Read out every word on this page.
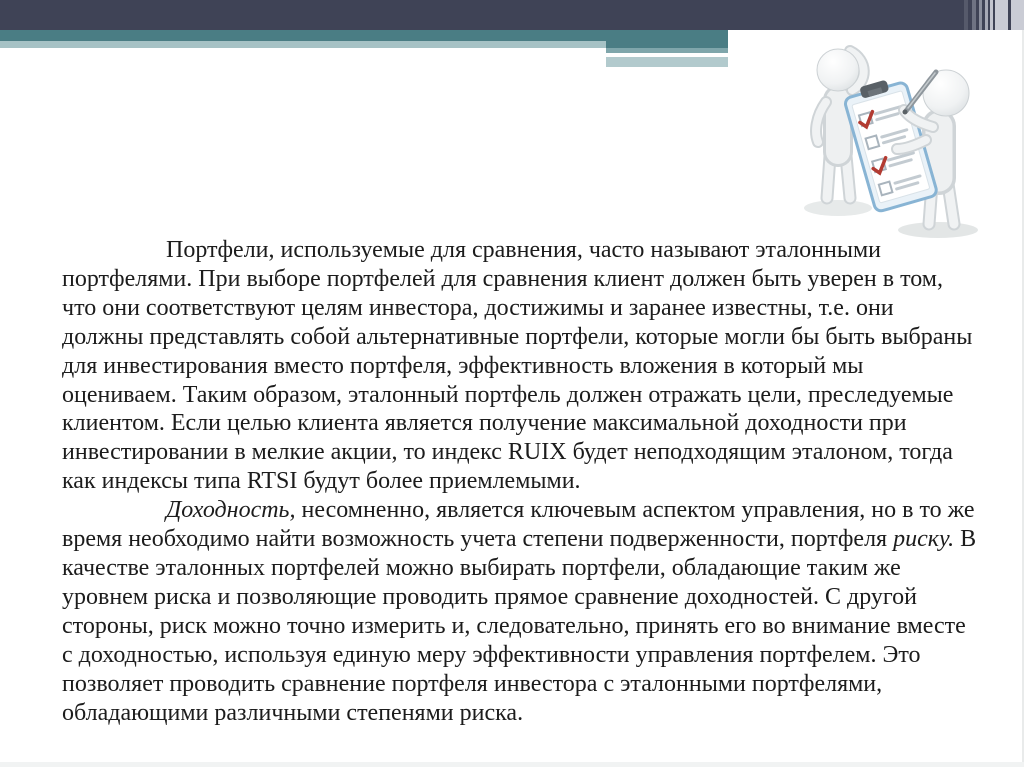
Портфели, используемые для сравнения, часто называют эталонными портфелями. При выборе портфелей для сравнения клиент должен быть уверен в том, что они соответствуют целям инвестора, достижимы и заранее известны, т.е. они должны представлять собой альтернативные портфели, которые могли бы быть выбраны для инвестирования вместо портфеля, эффективность вложения в который мы оцениваем. Таким образом, эталонный портфель должен отражать цели, преследуемые клиентом. Если целью клиента является получение максимальной доходности при инвестировании в мелкие акции, то индекс RUIX будет неподходящим эталоном, тогда как индексы типа RTSI будут более приемлемыми.

Доходность, несомненно, является ключевым аспектом управления, но в то же время необходимо найти возможность учета степени подверженности, портфеля риску. В качестве эталонных портфелей можно выбирать портфели, обладающие таким же уровнем риска и позволяющие проводить прямое сравнение доходностей. С другой стороны, риск можно точно измерить и, следовательно, принять его во внимание вместе с доходностью, используя единую меру эффективности управления портфелем. Это позволяет проводить сравнение портфеля инвестора с эталонными портфелями, обладающими различными степенями риска.
